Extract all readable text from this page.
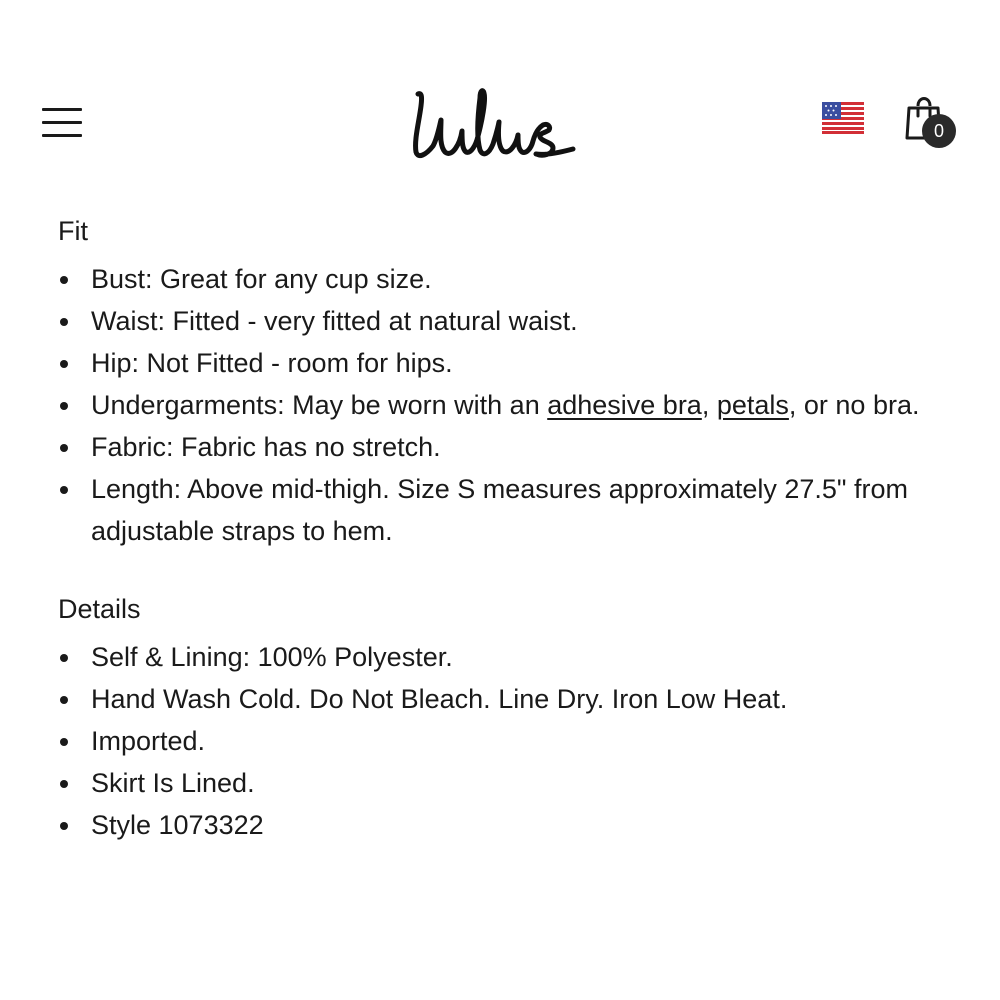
0
Fit
Bust: Great for any cup size.
Waist: Fitted - very fitted at natural waist.
Hip: Not Fitted - room for hips.
Undergarments: May be worn with an adhesive bra, petals, or no bra.
Fabric: Fabric has no stretch.
Length: Above mid-thigh. Size S measures approximately 27.5" from adjustable straps to hem.
Details
Self & Lining: 100% Polyester.
Hand Wash Cold. Do Not Bleach. Line Dry. Iron Low Heat.
Imported.
Skirt Is Lined.
Style 1073322
